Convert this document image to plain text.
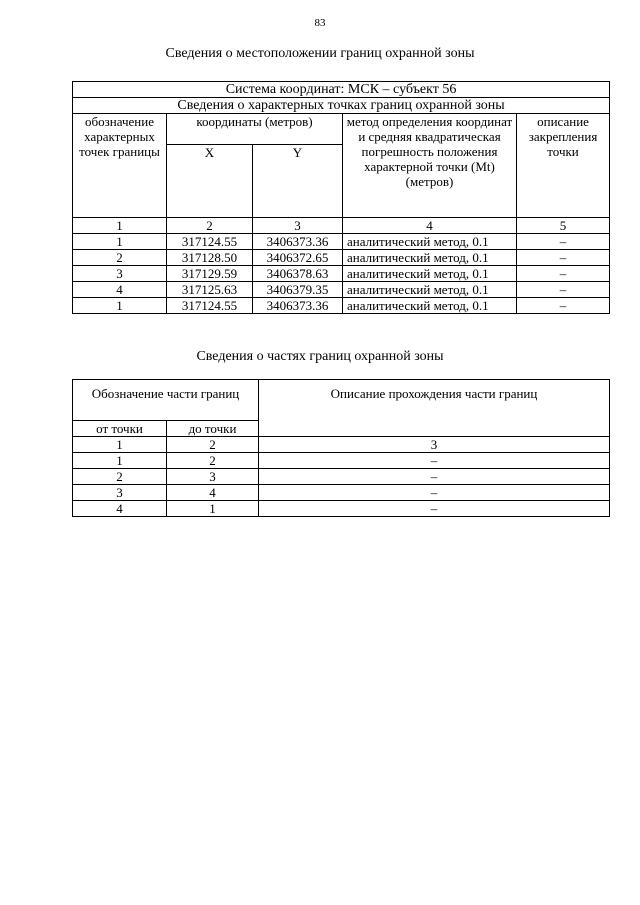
83
Сведения о местоположении границ охранной зоны
Система координат: МСК – субъект 56				
Сведения о характерных точках границ охранной зоны				
обозначение характерных точек границы	координаты (метров)		метод определения координат и средняя квадратическая погрешность положения характерной точки (Mt) (метров)	описание закрепления точки
	X	Y		
1	2	3	4	5
1	317124.55	3406373.36	аналитический метод, 0.1	–
2	317128.50	3406372.65	аналитический метод, 0.1	–
3	317129.59	3406378.63	аналитический метод, 0.1	–
4	317125.63	3406379.35	аналитический метод, 0.1	–
1	317124.55	3406373.36	аналитический метод, 0.1	–
Сведения о частях границ охранной зоны
Обозначение части границ		Описание прохождения части границ
от точки	до точки	
1	2	3
1	2	–
2	3	–
3	4	–
4	1	–
